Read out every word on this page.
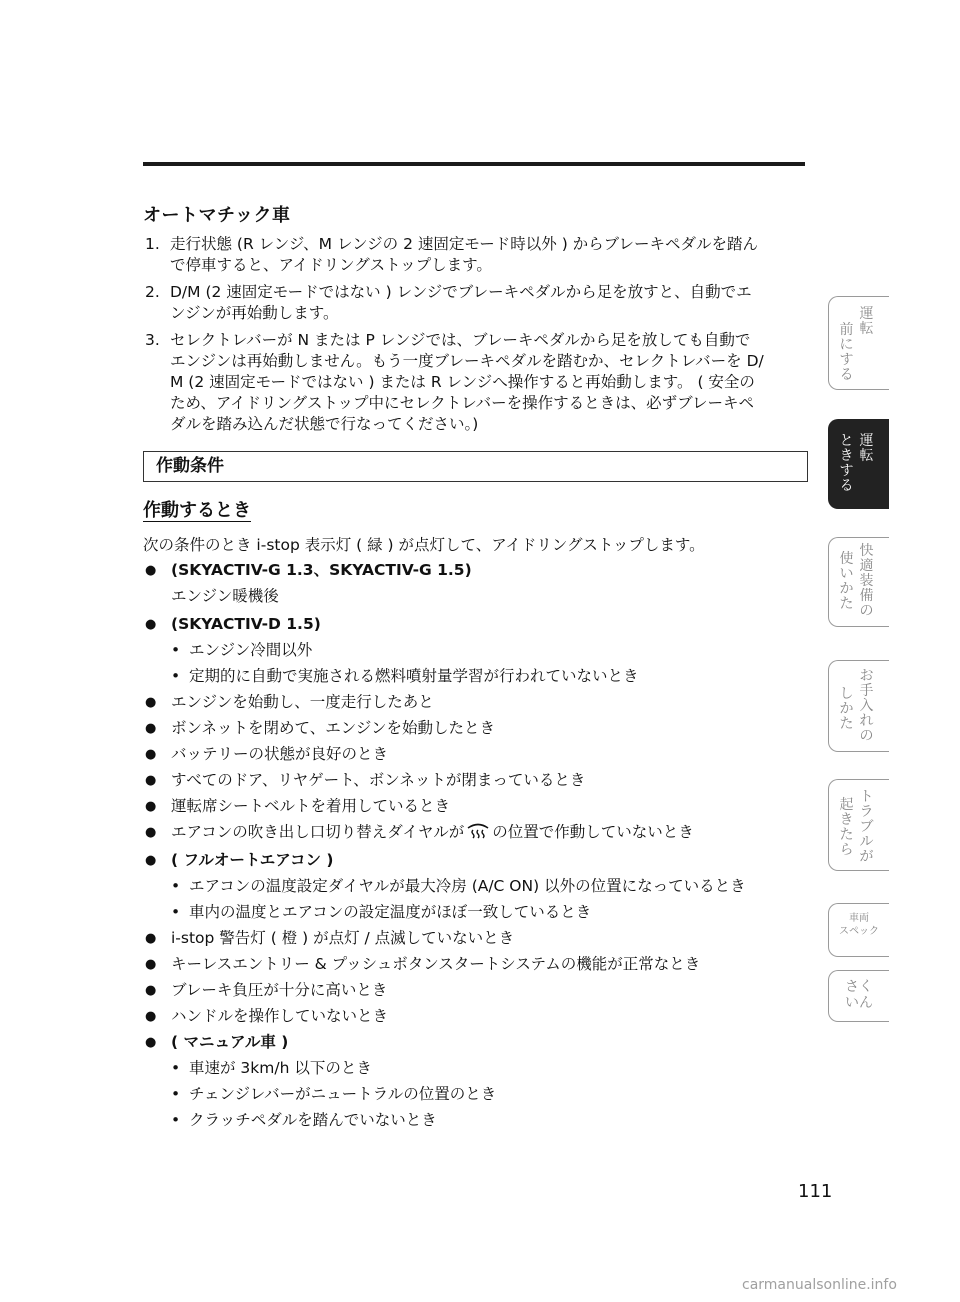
オートマチック車
1. 走行状態 (R レンジ、M レンジの 2 速固定モード時以外 ) からブレーキペダルを踏ん
で停車すると、アイドリングストップします。
2. D/M (2 速固定モードではない ) レンジでブレーキペダルから足を放すと、自動でエ
ンジンが再始動します。
3. セレクトレバーが N または P レンジでは、ブレーキペダルから足を放しても自動で
エンジンは再始動しません。もう一度ブレーキペダルを踏むか、セレクトレバーを D/
M (2 速固定モードではない ) または R レンジへ操作すると再始動します。 ( 安全の
ため、アイドリングストップ中にセレクトレバーを操作するときは、必ずブレーキペ
ダルを踏み込んだ状態で行なってください。)
作動条件
作動するとき
次の条件のとき i-stop 表示灯 ( 緑 ) が点灯して、アイドリングストップします。
● (SKYACTIV-G 1.3、SKYACTIV-G 1.5)
エンジン暖機後
● (SKYACTIV-D 1.5)
• エンジン冷間以外
• 定期的に自動で実施される燃料噴射量学習が行われていないとき
● エンジンを始動し、一度走行したあと
● ボンネットを閉めて、エンジンを始動したとき
● バッテリーの状態が良好のとき
● すべてのドア、リヤゲート、ボンネットが閉まっているとき
● 運転席シートベルトを着用しているとき
● エアコンの吹き出し口切り替えダイヤルが の位置で作動していないとき
● ( フルオートエアコン )
• エアコンの温度設定ダイヤルが最大冷房 (A/C ON) 以外の位置になっているとき
• 車内の温度とエアコンの設定温度がほぼ一致しているとき
● i-stop 警告灯 ( 橙 ) が点灯 / 点滅していないとき
● キーレスエントリー & プッシュボタンスタートシステムの機能が正常なとき
● ブレーキ負圧が十分に高いとき
● ハンドルを操作していないとき
● ( マニュアル車 )
• 車速が 3km/h 以下のとき
• チェンジレバーがニュートラルの位置のとき
• クラッチペダルを踏んでいないとき
運転
前にする
運転
ときする
快適装備の
使いかた
お手入れの
しかた
トラブルが
起きたら
車両
スペック
さく
いん
111
carmanualsonline.info
